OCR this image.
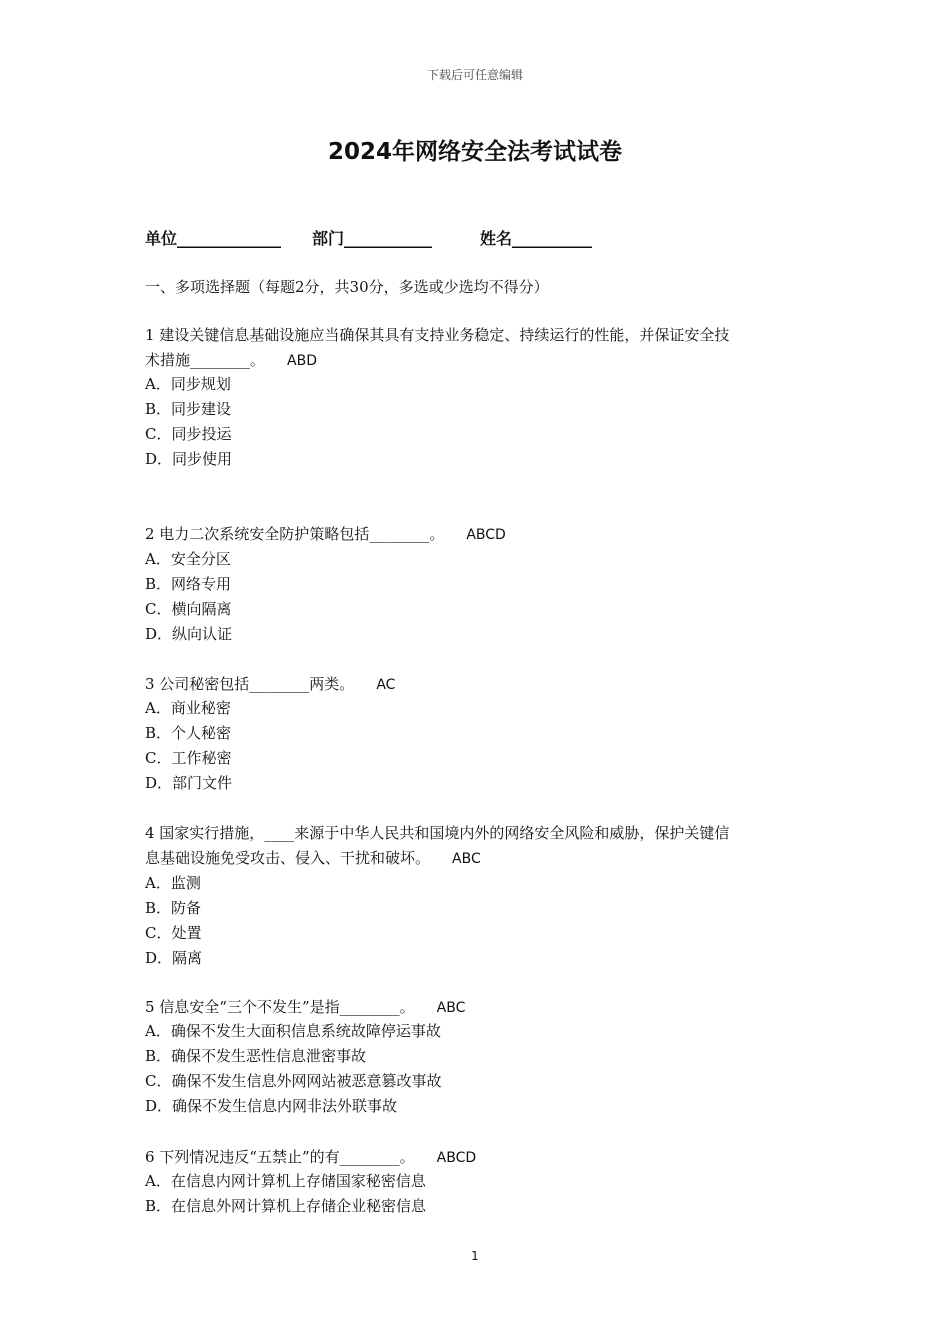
下载后可任意编辑
2024年网络安全法考试试卷
单位_____________ 部门___________	姓名__________
一、多项选择题（每题2分，共30分，多选或少选均不得分）
1 建设关键信息基础设施应当确保其具有支持业务稳定、持续运行的性能，并保证安全技
术措施________。 ABD
A．同步规划
B．同步建设
C．同步投运
D．同步使用
2 电力二次系统安全防护策略包括________。 ABCD
A．安全分区
B．网络专用
C．横向隔离
D．纵向认证
3 公司秘密包括________两类。 AC
A．商业秘密
B．个人秘密
C．工作秘密
D．部门文件
4 国家实行措施，____来源于中华人民共和国境内外的网络安全风险和威胁，保护关键信
息基础设施免受攻击、侵入、干扰和破坏。 ABC
A．监测
B．防备
C．处置
D．隔离
5 信息安全“三个不发生”是指________。 ABC
A．确保不发生大面积信息系统故障停运事故
B．确保不发生恶性信息泄密事故
C．确保不发生信息外网网站被恶意篡改事故
D．确保不发生信息内网非法外联事故
6 下列情况违反“五禁止”的有________。 ABCD
A．在信息内网计算机上存储国家秘密信息
B．在信息外网计算机上存储企业秘密信息
1
